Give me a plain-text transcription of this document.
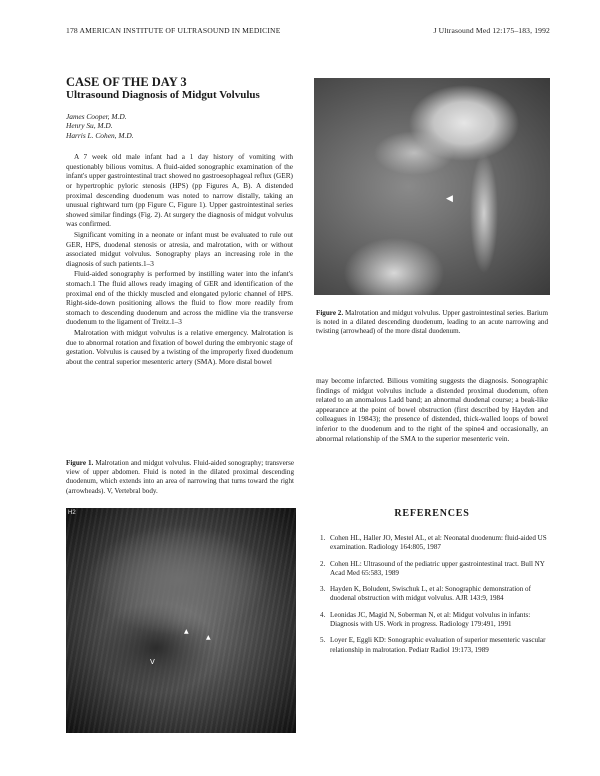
178 AMERICAN INSTITUTE OF ULTRASOUND IN MEDICINE	J Ultrasound Med 12:175–183, 1992
CASE OF THE DAY 3
Ultrasound Diagnosis of Midgut Volvulus
James Cooper, M.D.
Henry Su, M.D.
Harris L. Cohen, M.D.

A 7 week old male infant had a 1 day history of vomiting with questionably bilious vomitus. A fluid-aided sonographic examination of the infant's upper gastrointestinal tract showed no gastroesophageal reflux (GER) or hypertrophic pyloric stenosis (HPS) (pp Figures A, B). A distended proximal descending duodenum was noted to narrow distally, taking an unusual rightward turn (pp Figure C, Figure 1). Upper gastrointestinal series showed similar findings (Fig. 2). At surgery the diagnosis of midgut volvulus was confirmed.

Significant vomiting in a neonate or infant must be evaluated to rule out GER, HPS, duodenal stenosis or atresia, and malrotation, with or without associated midgut volvulus. Sonography plays an increasing role in the diagnosis of such patients.1–3

Fluid-aided sonography is performed by instilling water into the infant's stomach.1 The fluid allows ready imaging of GER and identification of the proximal end of the thickly muscled and elongated pyloric channel of HPS. Right-side-down positioning allows the fluid to flow more readily from stomach to descending duodenum and across the midline via the transverse duodenum to the ligament of Treitz.1–3

Malrotation with midgut volvulus is a relative emergency. Malrotation is due to abnormal rotation and fixation of bowel during the embryonic stage of gestation. Volvulus is caused by a twisting of the improperly fixed duodenum about the central superior mesenteric artery (SMA). More distal bowel

◀
Figure 2. Malrotation and midgut volvulus. Upper gastrointestinal series. Barium is noted in a dilated descending duodenum, leading to an acute narrowing and twisting (arrowhead) of the more distal duodenum.

may become infarcted. Bilious vomiting suggests the diagnosis. Sonographic findings of midgut volvulus include a distended proximal duodenum, often related to an anomalous Ladd band; an abnormal duodenal course; a beak-like appearance at the point of bowel obstruction (first described by Hayden and colleagues in 19843); the presence of distended, thick-walled loops of bowel inferior to the duodenum and to the right of the spine4 and occasionally, an abnormal relationship of the SMA to the superior mesenteric vein.

Figure 1. Malrotation and midgut volvulus. Fluid-aided sonography; transverse view of upper abdomen. Fluid is noted in the dilated proximal descending duodenum, which extends into an area of narrowing that turns toward the right (arrowheads). V, Vertebral body.
H2
▲
▲
V
REFERENCES
1. Cohen HL, Haller JO, Mestel AL, et al: Neonatal duodenum: fluid-aided US examination. Radiology 164:805, 1987
2. Cohen HL: Ultrasound of the pediatric upper gastrointestinal tract. Bull NY Acad Med 65:583, 1989
3. Hayden K, Boludent, Swischuk L, et al: Sonographic demonstration of duodenal obstruction with midgut volvulus. AJR 143:9, 1984
4. Leonidas JC, Magid N, Soberman N, et al: Midgut volvulus in infants: Diagnosis with US. Work in progress. Radiology 179:491, 1991
5. Loyer E, Eggli KD: Sonographic evaluation of superior mesenteric vascular relationship in malrotation. Pediatr Radiol 19:173, 1989
